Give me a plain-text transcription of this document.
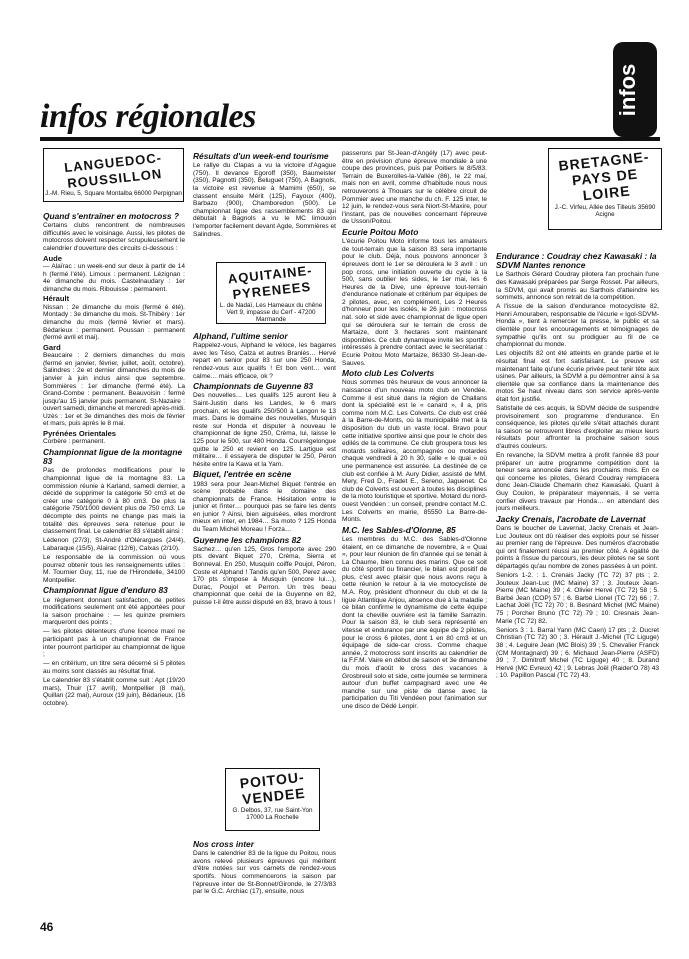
infos régionales
infos
LANGUEDOC-ROUSSILLON
J.-M. Rieu, 5, Square Montalba 66000 Perpignan
Quand s'entraîner en motocross ?

Certains clubs rencontrent de nombreuses difficultés avec le voisinage. Aussi, les pilotes de motocross doivent respecter scrupuleusement le calendrier d'ouverture des circuits ci-dessous :

Aude

— Alaïrac : un week-end sur deux à partir de 14 h (fermé l'été). Limoux : permanent. Lézignan : 4e dimanche du mois. Castelnaudary : 1er dimanche du mois. Ribouisse : permanent.

Hérault

Nissan : 2e dimanche du mois (fermé é été). Montady : 3e dimanche du mois. St-Thibéry : 1er dimanche du mois (fermé février et mars). Bédarieux : permanent. Poussan : permanent (fermé avril et mai).

Gard

Beaucaire : 2 derniers dimanches du mois (fermé en janvier, février, juillet, août, octobre). Salindres : 2e et dernier dimanches du mois de janvier à juin inclus ainsi que septembre. Sommières : 1er dimanche (fermé été). La Grand-Combe : permanent. Beauvoisin : fermé jusqu'au 15 janvier puis permanent. St-Nazaire : ouvert samedi, dimanche et mercredi après-midi. Uzès : 1er et 3e dimanches des mois de février et mars, puis après le 8 mai.

Pyrénées Orientales

Corbère : permanent.

Championnat ligue de la montagne 83

Pas de profondes modifications pour le championnat ligue de la montagne 83. La commission réunie à Karland, samedi dernier, a décidé de supprimer la catégorie 50 cm3 et de créer une catégorie 0 à 80 cm3. De plus la catégorie 750/1000 devient plus de 750 cm3. Le décompte des points ne change pas mais la totalité des épreuves sera retenue pour le classement final. Le calendrier 83 s'établit ainsi :

Lédenon (27/3), St-André d'Olérargues (24/4), Labaraque (15/5), Alairac (12/6), Calxas (2/10).

Le responsable de la commission où vous pourrez obtenir tous les renseignements utiles : M. Tournier Guy, 11, rue de l'Hirondelle, 34100 Montpellier.

Championnat ligue d'enduro 83

Le règlement donnant satisfaction, de petites modifications seulement ont été apportées pour la saison prochaine : — les quinze premiers marqueront des points ;

— les pilotes détenteurs d'une licence maxi ne participant pas à un championnat de France inter pourront participer au championnat de ligue ;

— en critérium, un titre sera décerné si 5 pilotes au moins sont classés au résultat final.

Le calendrier 83 s'établit comme suit : Apt (19/20 mars), Thuir (17 avril), Montpellier (8 mai), Quillan (22 mai), Auroux (19 juin), Bédarieux. (16 octobre).

Résultats d'un week-end tourisme

Le rallye du Clapas a vu la victoire d'Agague (750). Il devance Egoroff (350), Baumeister (350), Pagnotti (350), Beluguet (750), A Bagnols, la victoire est revenue à Mamimi (650), se classent ensuite Mérit (125), Fayoux (400), Barbazo (900), Chamboredon (500). Le championnat ligue des rassemblements 83 qui débutait à Bagnols a vu le MC limouxin l'emporter facilement devant Agde, Sommières et Salindres.

AQUITAINE-PYRENEES
L. de Nadaï, Les Hameaux du chêne Vert 9, impasse du Cerf - 47200 Marmande
Alphand, l'ultime senior

Rappelez-vous, Alphand le véloce, les bagarres avec les Téso, Calza et autres Branlès… Hervé repart en senior pour 83 sur une 250 Honda, rendez-vous aux qualifs ! Et bon vent… vent calme… mais efficace, ok ?

Championnats de Guyenne 83

Des nouvelles… Les qualifs 125 auront lieu à Saint-Justin dans les Landes, le 6 mars prochain, et les qualifs 250/500 à Langon le 13 mars. Dans le domaine des nouvelles, Musquin reste sur Honda et disputer à nouveau le championnat de ligne 250, Crèma, lui, laisse le 125 pour le 500, sur 480 Honda. Courrégelongue quitte le 250 et revient en 125. Lartigue est militaire… il essayera de disputer le 250, Péron hésite entre la Kawa et la Yam.

Biquet, l'entrée en scène

1983 sera pour Jean-Michel Biquet l'entrée en scène probable dans le domaine des championnats de France. Hésitation entre le junior et l'inter… pourquoi pas se faire les dents en junior ? Ainsi, bien aiguisées, elles mordront mieux en inter, en 1984… Sa moto ? 125 Honda du Team Michel Moreau ! Forza…

Guyenne les champions 82

Sachez… qu'en 125, Gros l'emporte avec 290 pts devant Biquet 270, Crèma, Sierra et Bonneval. En 250, Musquin coiffe Poujol, Péron, Coste et Alphand ! Tandis qu'en 500, Perez avec 170 pts s'impose à Musquin (encore lui…), Durac, Poujol et Perron. Un très beau championnat que celui de la Guyenne en 82, puisse t-il être aussi disputé en 83, bravo à tous !

POITOU-VENDEE
G. Delbos, 37, rue Saint-Yon 17000 La Rochelle
Nos cross inter

Dans le calendrier 83 de la ligue du Poitou, nous avons relevé plusieurs épreuves qui méritent d'être notées sur vos carnets de rendez-vous sportifs. Nous commencerons la saison par l'épreuve inter de St-Bonnet/Gironde, le 27/3/83 par le G.C. Archiac (17), ensuite, nous

passerons par St-Jean-d'Angély (17) avec peut-être en prévision d'une épreuve mondiale à une coupe des provinces, puis par Poitiers le 8/5/83. Terrain de Buxerolles-la-Vallée (86), le 22 mai, mais non en avril, comme d'habitude nous nous retrouverons à Thouars sur le célèbre circuit de Pommier avec une manche du ch. F. 125 inter, le 12 juin, le rendez-vous sera Niort-St-Maxire, pour l'instant, pas de nouvelles concernant l'épreuve de Usson/Poitou.

Ecurie Poitou Moto

L'écurie Poitou Moto informe tous les amateurs de tout-terrain que la saison 83 sera importante pour le club. Déjà, nous pouvons annoncer 3 épreuves dont le 1er se déroulera le 3 avril : un pop cross, une initiation ouverte du cycle à la 500, sans oublier les sides, le 1er mai, les 6 Heures de la Dive, une épreuve tout-terrain d'endurance nationale et critérium par équipes de 2 pilotes, avec, en complément, Les 2 Heures d'honneur pour les isolés, le 26 juin : motocross nat. solo et side avec championnat de ligue open qui se déroulera sur le terrain de cross de Martaize, dont 3 hectares sont maintenant disponibles. Ce club dynamique invite les sportifs intéressés à prendre contact avec le secrétariat : Ecurie Poitou Moto Martaize, 86330 St-Jean-de-Sauves.

Moto club Les Colverts

Nous sommes très heureux de vous annoncer la naissance d'un nouveau moto club en Vendée. Comme il est situé dans la région de Challans dont la spécialité est le « canard », il a, pris comme nom M.C. Les Colverts. Ce club est créé à la Barre-de-Monts, où la municipalité met à la disposition du club un vaste local. Bravo pour cette initiative sportive ainsi que pour le choix des edilés de la commune. Ce club groupera tous les motards solitaires, accompagnés ou motardes chaque vendredi à 20 h 30, salle « le quai » où une permanence est assurée. La destinée de ce club est confiée à M. Aury Didier, assisté de MM. Mery, Fred D., Fradet E., Sereno, Jaguenet. Ce club de Colverts est ouvert à toutes les disciplines de la moto touristique et sportive. Motard du nord-ouest Vendéen : un conseil, prendre contact M.C. Les Colverts en mairie, 85550 La Barre-de-Monts.

M.C. les Sables-d'Olonne, 85

Les membres du M.C. des Sables-d'Olonne étaient, en ce dimanche de novembre, à « Quai », pour leur réunion de fin d'année qui se tenait à La Chaume, bien connu des marins. Que ce soit du côté sportif ou financier, le bilan est positif de plus, c'est avec plaisir que nous avons reçu à cette réunion le retour à la vie motocycliste de M.A. Roy, président d'honneur du club et de la ligue Atlantique Anjou, absence due à la maladie ; ce bilan confirme le dynamisme de cette équipe dont la cheville ouvrière est la famille Sarrazin. Pour la saison 83, le club sera représenté en vitesse et endurance par une équipe de 2 pilotes, pour le cross 6 pilotes, dont 1 en 80 cm3 et un équipage de side-car cross. Comme chaque année, 2 motocross sont inscrits au calendrier de la F.F.M. Vaire en début de saison et 3e dimanche du mois d'août le cross des vacances à Grosbreuil solo et side, cette journée se terminera autour d'un buffet campagnard avec une 4e manche sur une piste de danse avec la participation du Titi Vendéen pour l'animation sur une disco de Dédé Lenpir.

BRETAGNE-PAYS DE LOIRE
J.-C. Virfeu, Allée des Tilleuls 35690 Acigne
Endurance : Coudray chez Kawasaki : la SDVM Nantes renonce

Le Sarthois Gérard Coudray pilotera l'an prochain l'une des Kawasaki préparées par Serge Rosset. Par ailleurs, la SDVM, qui avait promis au Sarthois d'atteindre les sommets, annonce son retrait de la compétition.

A l'issue de la saison d'endurance motocycliste 82, Henri Amouraben, responsable de l'écurie « Igol-SDVM-Honda », tient à remercier la presse, le public et sa clientèle pour les encouragements et témoignages de sympathie qu'ils ont su prodiguer au fil de ce championnat du monde.

Les objectifs 82 ont été atteints en grande partie et le résultat final est fort satisfaisant. Le preuve est maintenant faite qu'une écurie privée peut tenir tête aux usines. Par ailleurs, la SDVM a pu démontrer ainsi à sa clientèle que sa confiance dans la maintenance des motos Se haut niveau dans son service après-vente était fort justifié.

Satisfaite de ces acquis, la SDVM décide de suspendre provisoirement son programme d'endurance. En conséquence, les pilotes qu'elle s'était attachés durant la saison se retrouvent libres d'exploiter au mieux leurs résultats pour affronter la prochaine saison sous d'autres couleurs.

En revanche, la SDVM mettra à profit l'année 83 pour préparer un autre programme compétition dont la teneur sera annoncée dans les prochains mois. En ce qui concerne les pilotes, Gérard Coudray remplacera donc Jean-Claude Chemarin chez Kawasaki. Quant à Guy Coulon, le préparateur mayennais, il se verra confier divers travaux par Honda… en attendant des jours meilleurs.

Jacky Crenais, l'acrobate de Lavernat

Dans le boucher de Lavernat, Jacky Crenais et Jean-Luc Jouteux ont dû réaliser des exploits pour se hisser au premier rang de l'épreuve. Des numéros d'acrobatie qui ont finalement réussi au premier côté. A égalité de points à l'issue du parcours, les deux pilotes ne se sont départagés qu'au nombre de zones passées à un point.

Seniors 1-2. : 1. Crenais Jacky (TC 72) 37 pts ; 2. Jouteux Jean-Luc (MC Maine) 37 ; 3. Jouteux Jean-Pierre (MC Maine) 39 ; 4. Olivier Hervé (TC 72) 58 ; 5. Barbé Jean (COP) 57 ; 6. Barbé Lionel (TC 72) 66 ; 7. Lachat Joël (TC 72) 70 ; 8. Besnard Michel (MC Maine) 75 ; Porcher Bruno (TC 72) 79 ; 10. Cresnais Jean-Marie (TC 72) 82.

Seniors 3 : 1. Barral Yann (MC Caen) 17 pts ; 2. Ducret Christian (TC 72) 30 ; 3. Hérault J.-Michel (TC Liguge) 38 ; 4. Leguire Jean (MC Blois) 39 ; 5. Chevalier Franck (CM Montagnard) 39 ; 6. Michaud Jean-Pierre (ASFD) 39 ; 7. Dimitroff Michel (TC Liguge) 40 ; 8. Durand Hervé (MC Evreux) 42 ; 9. Lebras Joël (Raider'O 78) 43 ; 10. Papillon Pascal (TC 72) 43.

46
